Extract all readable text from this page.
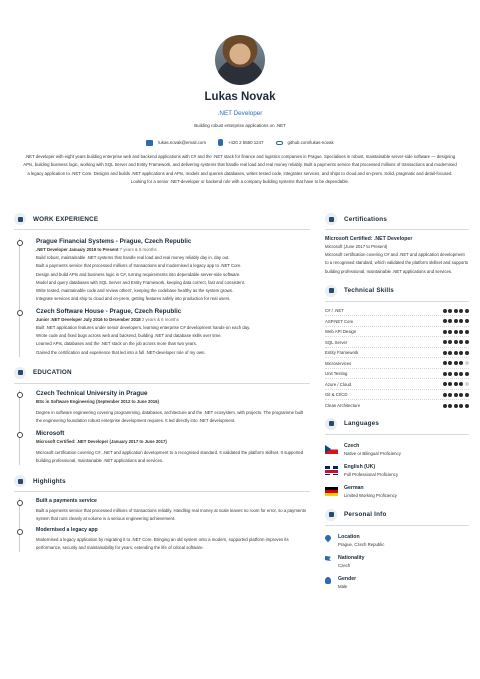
Lukas Novak
.NET Developer
Building robust enterprise applications on .NET
lukas.novak@email.com	+420 2 5550 1247	github.com/lukas-novak
.NET developer with eight years building enterprise web and backend applications with C# and the .NET stack for finance and logistics companies in Prague. Specialises in robust, maintainable server-side software — designing APIs, building business logic, working with SQL Server and Entity Framework, and delivering systems that handle real load and real money reliably. Built a payments service that processed millions of transactions and modernised a legacy application to .NET Core. Designs and builds .NET applications and APIs, models and queries databases, writes tested code, integrates services, and ships to cloud and on-prem. Solid, pragmatic and detail-focused. Looking for a senior .NET-developer or backend role with a company building systems that have to be dependable.
WORK EXPERIENCE
Prague Financial Systems - Prague, Czech Republic
.NET Developer January 2019 to Present 7 years & 6 months
Build robust, maintainable .NET systems that handle real load and real money reliably day in, day out.
Built a payments service that processed millions of transactions and modernised a legacy app to .NET Core.
Design and build APIs and business logic in C#, turning requirements into dependable server-side software.
Model and query databases with SQL Server and Entity Framework, keeping data correct, fast and consistent.
Write tested, maintainable code and review others', keeping the codebase healthy as the system grows.
Integrate services and ship to cloud and on-prem, getting features safely into production for real users.
Czech Software House - Prague, Czech Republic
Junior .NET Developer July 2016 to December 2018 2 years & 6 months
Built .NET application features under senior developers, learning enterprise C# development hands-on each day.
Wrote code and fixed bugs across web and backend, building .NET and database skills over time.
Learned APIs, databases and the .NET stack on the job across more than two years.
Gained the certification and experience that led into a full .NET-developer role of my own.
EDUCATION
Czech Technical University in Prague
BSc in Software Engineering (September 2012 to June 2016)
Degree in software engineering covering programming, databases, architecture and the .NET ecosystem, with projects. The programme built the engineering foundation robust enterprise development requires. It led directly into .NET development.
Microsoft
Microsoft Certified: .NET Developer (January 2017 to June 2017)
Microsoft certification covering C#, .NET and application development to a recognised standard. It validated the platform skillset. It supported building professional, maintainable .NET applications and services.
Highlights
Built a payments service
Built a payments service that processed millions of transactions reliably. Handling real money at scale leaves no room for error, so a payments system that runs cleanly at volume is a serious engineering achievement.
Modernised a legacy app
Modernised a legacy application by migrating it to .NET Core. Bringing an old system onto a modern, supported platform improves its performance, security and maintainability for years, extending the life of critical software.
Certifications
Microsoft Certified: .NET Developer
Microsoft (June 2017 to Present)
Microsoft certification covering C# and .NET and application development to a recognised standard, which validated the platform skillset and supports building professional, maintainable .NET applications and services.
Technical Skills
C# / .NET
ASP.NET Core
Web API Design
SQL Server
Entity Framework
Microservices
Unit Testing
Azure / Cloud
Git & CI/CD
Clean Architecture
Languages
Czech
Native or Bilingual Proficiency
English (UK)
Full Professional Proficiency
German
Limited Working Proficiency
Personal Info
Location
Prague, Czech Republic
Nationality
Czech
Gender
Male
